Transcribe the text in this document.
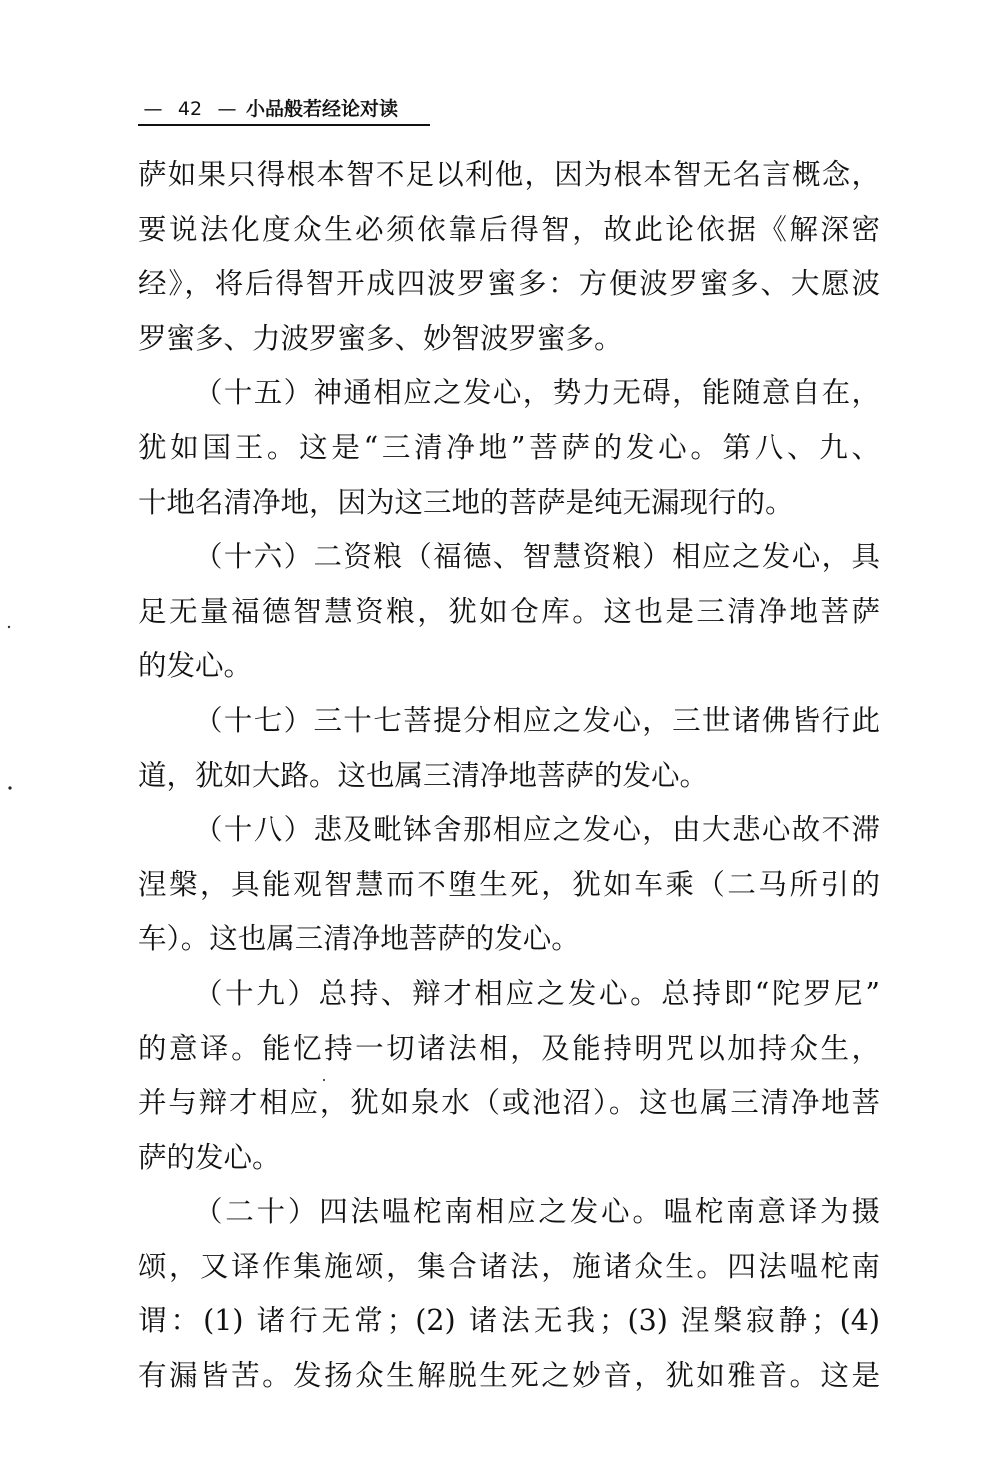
— 42 — 小品般若经论对读
萨如果只得根本智不足以利他，因为根本智无名言概念，
要说法化度众生必须依靠后得智，故此论依据《解深密
经》，将后得智开成四波罗蜜多：方便波罗蜜多、大愿波
罗蜜多、力波罗蜜多、妙智波罗蜜多。
（十五）神通相应之发心，势力无碍，能随意自在，
犹如国王。这是“三清净地”菩萨的发心。第八、九、
十地名清净地，因为这三地的菩萨是纯无漏现行的。
（十六）二资粮（福德、智慧资粮）相应之发心，具
足无量福德智慧资粮，犹如仓库。这也是三清净地菩萨
的发心。
（十七）三十七菩提分相应之发心，三世诸佛皆行此
道，犹如大路。这也属三清净地菩萨的发心。
（十八）悲及毗钵舍那相应之发心，由大悲心故不滞
涅槃，具能观智慧而不堕生死，犹如车乘（二马所引的
车）。这也属三清净地菩萨的发心。
（十九）总持、辩才相应之发心。总持即“陀罗尼”
的意译。能忆持一切诸法相，及能持明咒以加持众生，
并与辩才相应，犹如泉水（或池沼）。这也属三清净地菩
萨的发心。
（二十）四法嗢柁南相应之发心。嗢柁南意译为摄
颂，又译作集施颂，集合诸法，施诸众生。四法嗢柁南
谓：(1) 诸行无常；(2) 诸法无我；(3) 涅槃寂静；(4)
有漏皆苦。发扬众生解脱生死之妙音，犹如雅音。这是
